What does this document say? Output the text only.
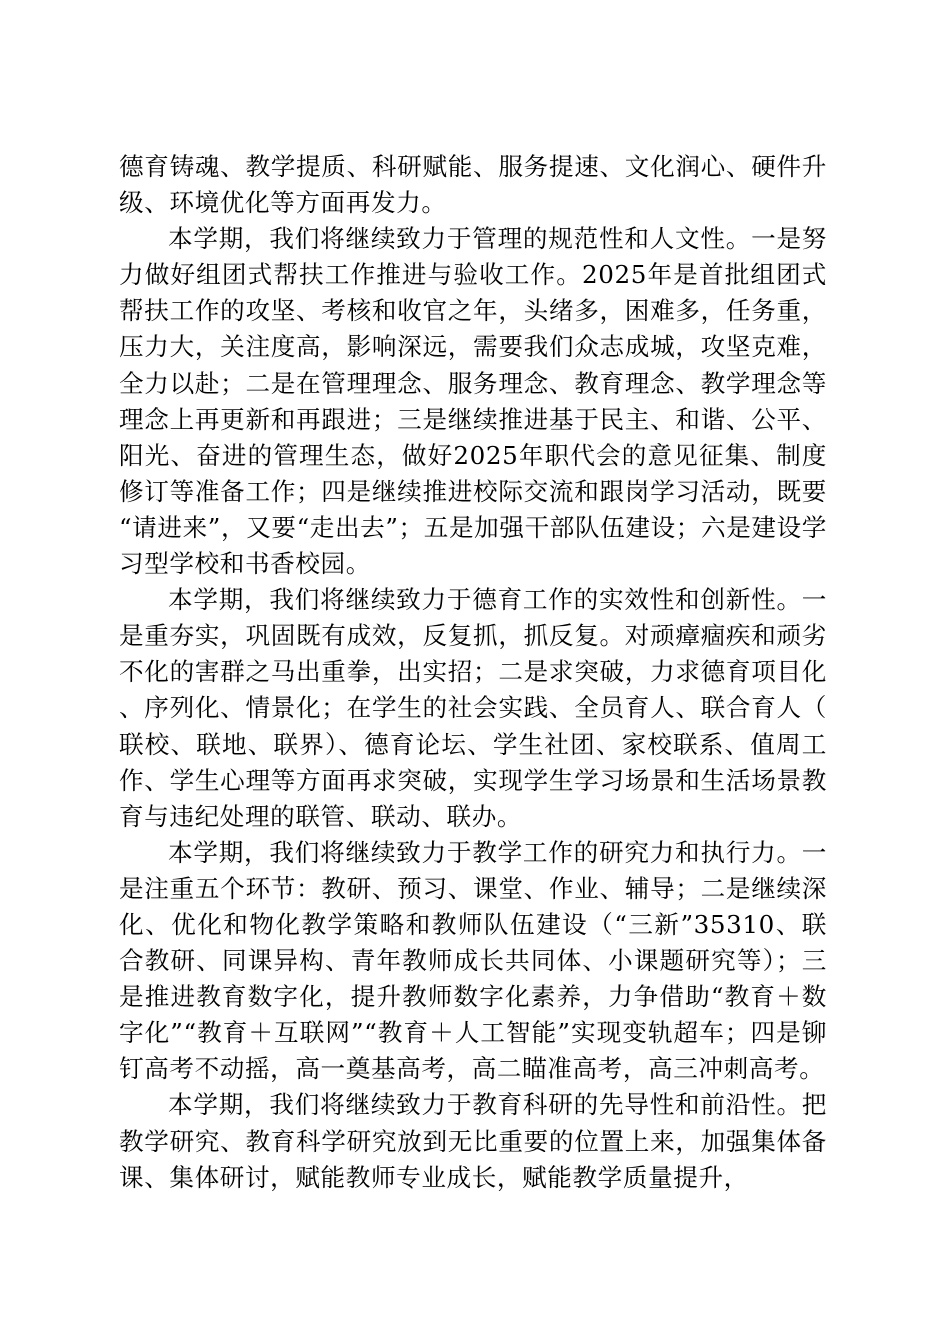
德育铸魂、教学提质、科研赋能、服务提速、文化润心、硬件升级、环境优化等方面再发力。

本学期，我们将继续致力于管理的规范性和人文性。一是努力做好组团式帮扶工作推进与验收工作。2025年是首批组团式帮扶工作的攻坚、考核和收官之年，头绪多，困难多，任务重，压力大，关注度高，影响深远，需要我们众志成城，攻坚克难，全力以赴；二是在管理理念、服务理念、教育理念、教学理念等理念上再更新和再跟进；三是继续推进基于民主、和谐、公平、阳光、奋进的管理生态，做好2025年职代会的意见征集、制度修订等准备工作；四是继续推进校际交流和跟岗学习活动，既要“请进来”，又要“走出去”；五是加强干部队伍建设；六是建设学习型学校和书香校园。

本学期，我们将继续致力于德育工作的实效性和创新性。一是重夯实，巩固既有成效，反复抓，抓反复。对顽瘴痼疾和顽劣不化的害群之马出重拳，出实招；二是求突破，力求德育项目化、序列化、情景化；在学生的社会实践、全员育人、联合育人（联校、联地、联界）、德育论坛、学生社团、家校联系、值周工作、学生心理等方面再求突破，实现学生学习场景和生活场景教育与违纪处理的联管、联动、联办。

本学期，我们将继续致力于教学工作的研究力和执行力。一是注重五个环节：教研、预习、课堂、作业、辅导；二是继续深化、优化和物化教学策略和教师队伍建设（“三新”35310、联合教研、同课异构、青年教师成长共同体、小课题研究等）；三是推进教育数字化，提升教师数字化素养，力争借助“教育＋数字化”“教育＋互联网”“教育＋人工智能”实现变轨超车；四是铆钉高考不动摇，高一奠基高考，高二瞄准高考，高三冲刺高考。

本学期，我们将继续致力于教育科研的先导性和前沿性。把教学研究、教育科学研究放到无比重要的位置上来，加强集体备课、集体研讨，赋能教师专业成长，赋能教学质量提升，
